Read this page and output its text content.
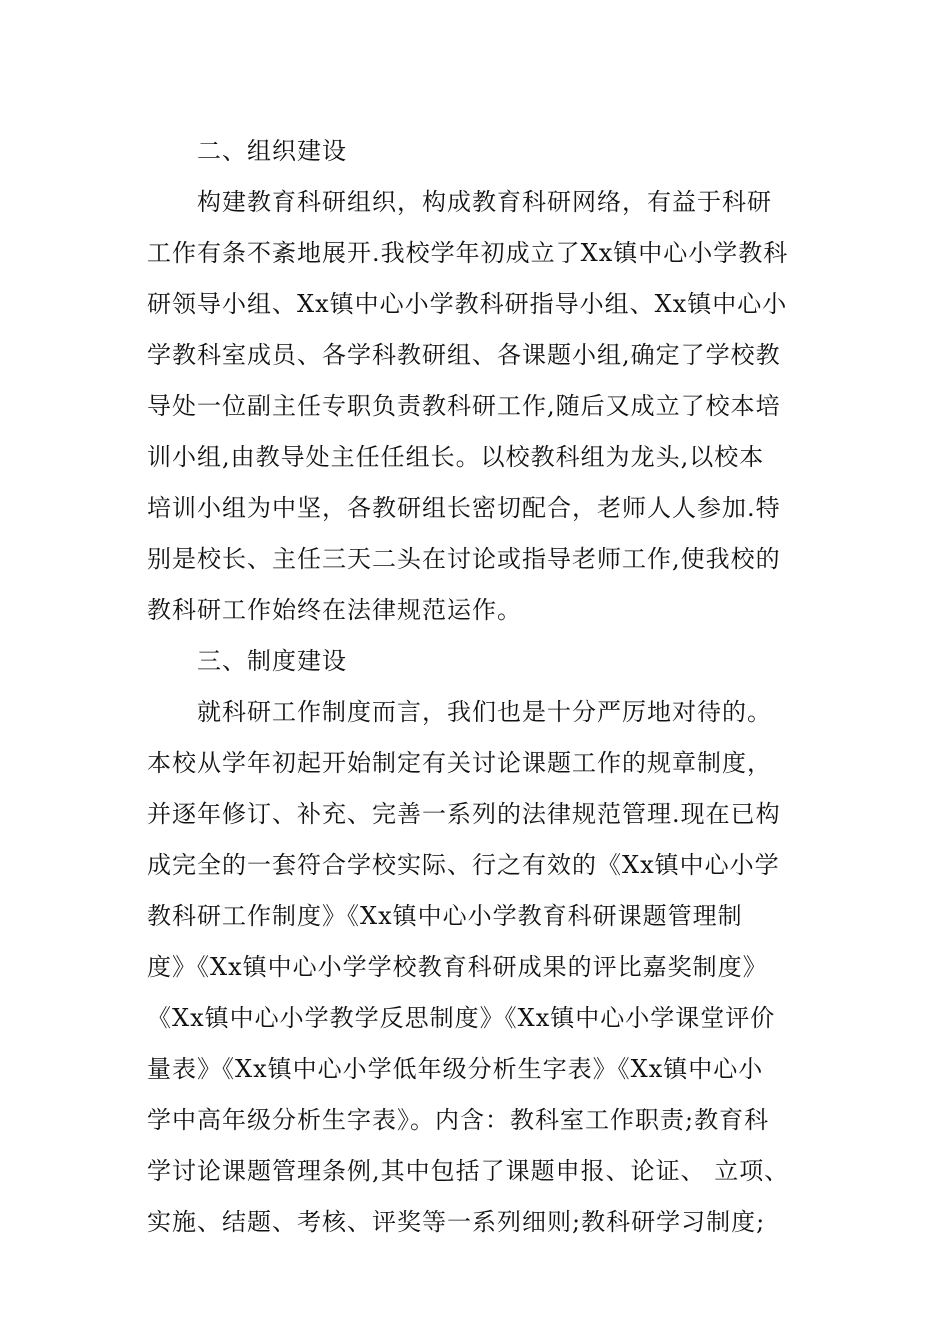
二、组织建设
构建教育科研组织，构成教育科研网络，有益于科研
工作有条不紊地展开.我校学年初成立了Xx镇中心小学教科
研领导小组、Xx镇中心小学教科研指导小组、Xx镇中心小
学教科室成员、各学科教研组、各课题小组,确定了学校教
导处一位副主任专职负责教科研工作,随后又成立了校本培
训小组,由教导处主任任组长。以校教科组为龙头,以校本
培训小组为中坚，各教研组长密切配合，老师人人参加.特
别是校长、主任三天二头在讨论或指导老师工作,使我校的
教科研工作始终在法律规范运作。
三、制度建设
就科研工作制度而言，我们也是十分严厉地对待的。
本校从学年初起开始制定有关讨论课题工作的规章制度，
并逐年修订、补充、完善一系列的法律规范管理.现在已构
成完全的一套符合学校实际、行之有效的《Xx镇中心小学
教科研工作制度》《Xx镇中心小学教育科研课题管理制
度》《Xx镇中心小学学校教育科研成果的评比嘉奖制度》
《Xx镇中心小学教学反思制度》《Xx镇中心小学课堂评价
量表》《Xx镇中心小学低年级分析生字表》《Xx镇中心小
学中高年级分析生字表》。内含：教科室工作职责;教育科
学讨论课题管理条例,其中包括了课题申报、论证、 立项、
实施、结题、考核、评奖等一系列细则;教科研学习制度;
